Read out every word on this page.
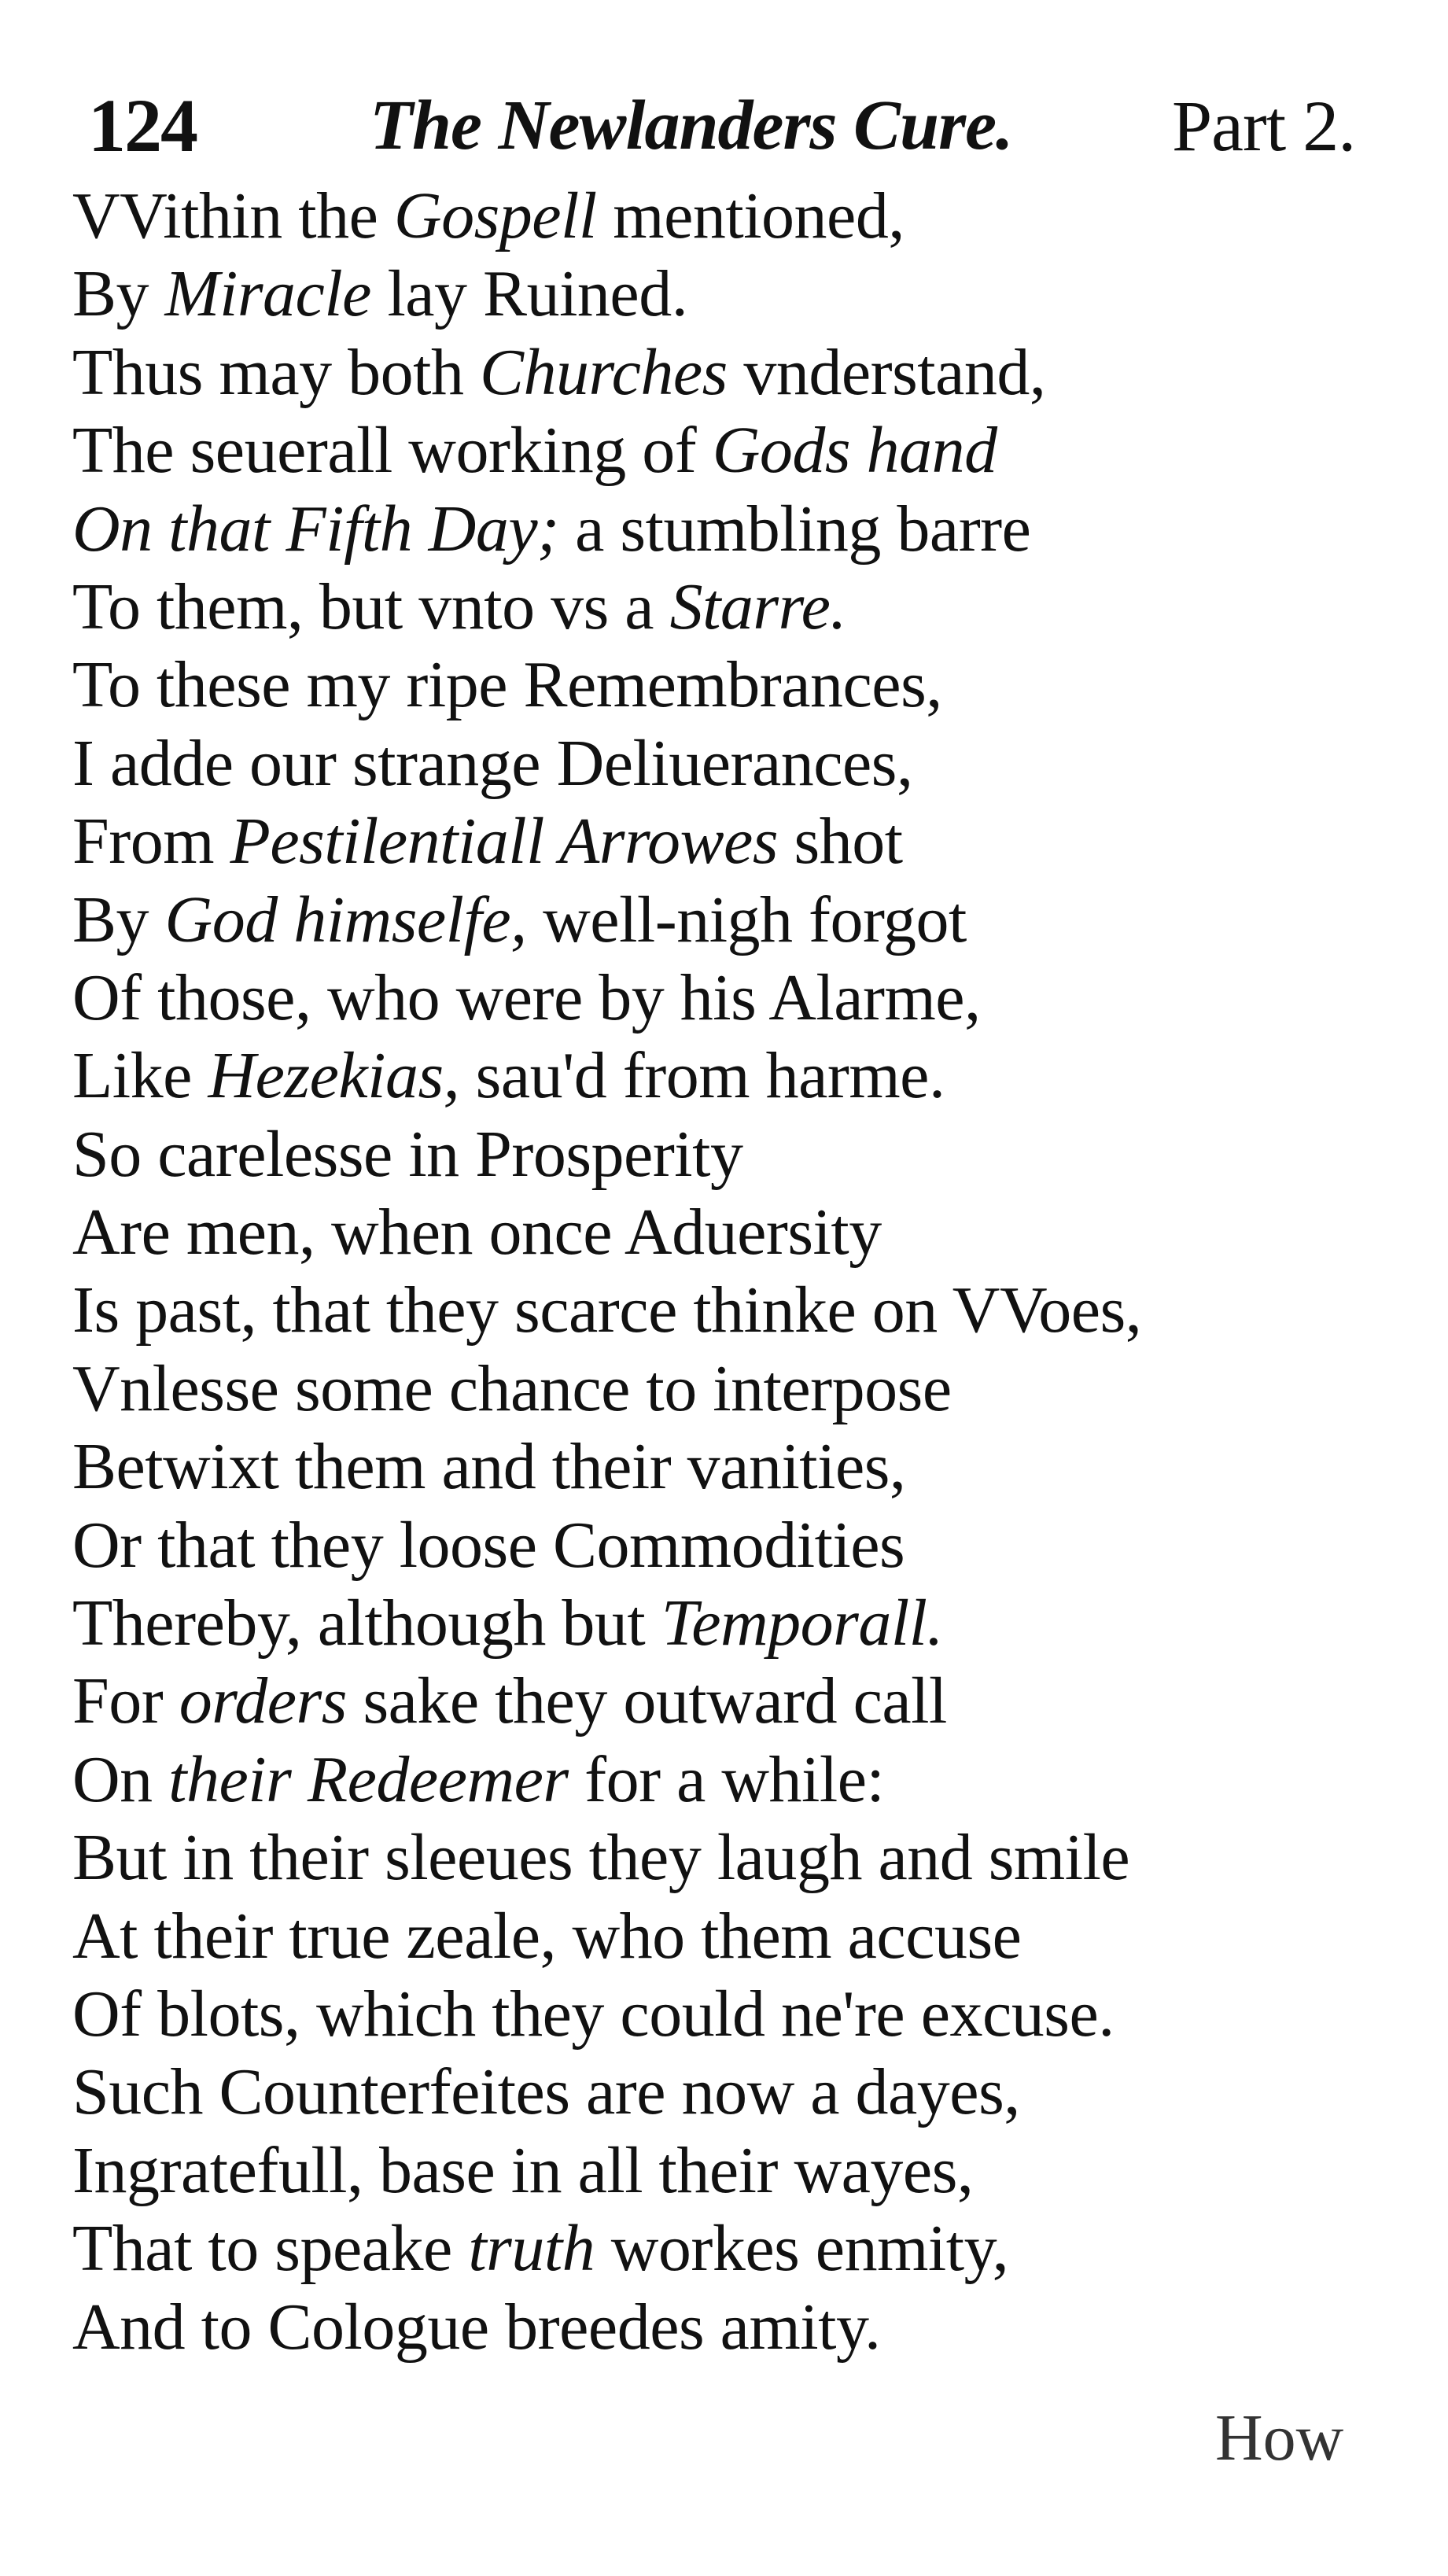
124 The Newlanders Cure. Part 2.
VVithin the Gospell mentioned,
By Miracle lay Ruined.
Thus may both Churches vnderstand,
The seuerall working of Gods hand
On that Fifth Day; a stumbling barre
To them, but vnto vs a Starre.
To these my ripe Remembrances,
I adde our strange Deliuerances,
From Pestilentiall Arrowes shot
By God himselfe, well-nigh forgot
Of those, who were by his Alarme,
Like Hezekias, sau'd from harme.
So carelesse in Prosperity
Are men, when once Aduersity
Is past, that they scarce thinke on VVoes,
Vnlesse some chance to interpose
Betwixt them and their vanities,
Or that they loose Commodities
Thereby, although but Temporall.
For orders sake they outward call
On their Redeemer for a while:
But in their sleeues they laugh and smile
At their true zeale, who them accuse
Of blots, which they could ne're excuse.
Such Counterfeites are now a dayes,
Ingratefull, base in all their wayes,
That to speake truth workes enmity,
And to Cologue breedes amity.
How
